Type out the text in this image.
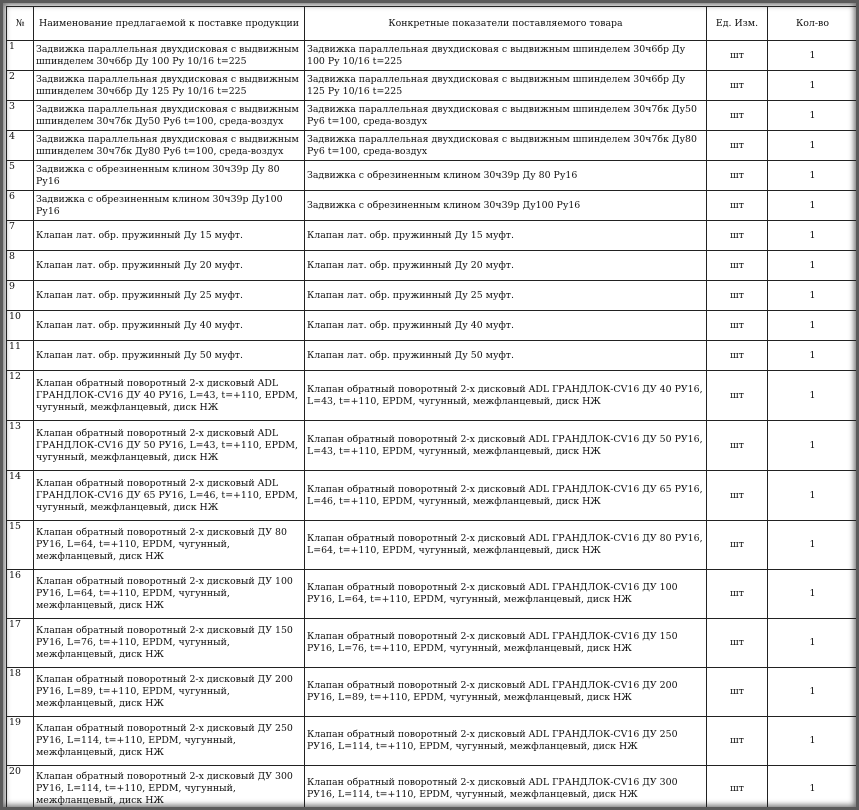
№	Наименование предлагаемой к поставке продукции	Конкретные показатели поставляемого товара	Ед. Изм.	Кол-во
1	Задвижка параллельная двухдисковая с выдвижным шпинделем 30ч6бр Ду 100 Ру 10/16 t=225	Задвижка параллельная двухдисковая с выдвижным шпинделем 30ч6бр Ду 100 Ру 10/16 t=225	шт	1
2	Задвижка параллельная двухдисковая с выдвижным шпинделем 30ч6бр Ду 125 Ру 10/16 t=225	Задвижка параллельная двухдисковая с выдвижным шпинделем 30ч6бр Ду 125 Ру 10/16 t=225	шт	1
3	Задвижка параллельная двухдисковая с выдвижным шпинделем 30ч7бк Ду50 Ру6 t=100, среда-воздух	Задвижка параллельная двухдисковая с выдвижным шпинделем 30ч7бк Ду50 Ру6 t=100, среда-воздух	шт	1
4	Задвижка параллельная двухдисковая с выдвижным шпинделем 30ч7бк Ду80 Ру6 t=100, среда-воздух	Задвижка параллельная двухдисковая с выдвижным шпинделем 30ч7бк Ду80 Ру6 t=100, среда-воздух	шт	1
5	Задвижка с обрезиненным клином 30ч39р Ду 80 Ру16	Задвижка с обрезиненным клином 30ч39р Ду 80 Ру16	шт	1
6	Задвижка с обрезиненным клином 30ч39р Ду100 Ру16	Задвижка с обрезиненным клином 30ч39р Ду100 Ру16	шт	1
7	Клапан лат. обр. пружинный Ду 15 муфт.	Клапан лат. обр. пружинный Ду 15 муфт.	шт	1
8	Клапан лат. обр. пружинный Ду 20 муфт.	Клапан лат. обр. пружинный Ду 20 муфт.	шт	1
9	Клапан лат. обр. пружинный Ду 25 муфт.	Клапан лат. обр. пружинный Ду 25 муфт.	шт	1
10	Клапан лат. обр. пружинный Ду 40 муфт.	Клапан лат. обр. пружинный Ду 40 муфт.	шт	1
11	Клапан лат. обр. пружинный Ду 50 муфт.	Клапан лат. обр. пружинный Ду 50 муфт.	шт	1
12	Клапан обратный поворотный 2-х дисковый ADL ГРАНДЛОК-CV16 ДУ 40 РУ16, L=43, t=+110, EPDM, чугунный, межфланцевый, диск НЖ	Клапан обратный поворотный 2-х дисковый ADL ГРАНДЛОК-CV16 ДУ 40 РУ16, L=43, t=+110, EPDM, чугунный, межфланцевый, диск НЖ	шт	1
13	Клапан обратный поворотный 2-х дисковый ADL ГРАНДЛОК-CV16 ДУ 50 РУ16, L=43, t=+110, EPDM, чугунный, межфланцевый, диск НЖ	Клапан обратный поворотный 2-х дисковый ADL ГРАНДЛОК-CV16 ДУ 50 РУ16, L=43, t=+110, EPDM, чугунный, межфланцевый, диск НЖ	шт	1
14	Клапан обратный поворотный 2-х дисковый ADL ГРАНДЛОК-CV16 ДУ 65 РУ16, L=46, t=+110, EPDM, чугунный, межфланцевый, диск НЖ	Клапан обратный поворотный 2-х дисковый ADL ГРАНДЛОК-CV16 ДУ 65 РУ16, L=46, t=+110, EPDM, чугунный, межфланцевый, диск НЖ	шт	1
15	Клапан обратный поворотный 2-х дисковый ДУ 80 РУ16, L=64, t=+110, EPDM, чугунный, межфланцевый, диск НЖ	Клапан обратный поворотный 2-х дисковый ADL ГРАНДЛОК-CV16 ДУ 80 РУ16, L=64, t=+110, EPDM, чугунный, межфланцевый, диск НЖ	шт	1
16	Клапан обратный поворотный 2-х дисковый ДУ 100 РУ16, L=64, t=+110, EPDM, чугунный, межфланцевый, диск НЖ	Клапан обратный поворотный 2-х дисковый ADL ГРАНДЛОК-CV16 ДУ 100 РУ16, L=64, t=+110, EPDM, чугунный, межфланцевый, диск НЖ	шт	1
17	Клапан обратный поворотный 2-х дисковый ДУ 150 РУ16, L=76, t=+110, EPDM, чугунный, межфланцевый, диск НЖ	Клапан обратный поворотный 2-х дисковый ADL ГРАНДЛОК-CV16 ДУ 150 РУ16, L=76, t=+110, EPDM, чугунный, межфланцевый, диск НЖ	шт	1
18	Клапан обратный поворотный 2-х дисковый ДУ 200 РУ16, L=89, t=+110, EPDM, чугунный, межфланцевый, диск НЖ	Клапан обратный поворотный 2-х дисковый ADL ГРАНДЛОК-CV16 ДУ 200 РУ16, L=89, t=+110, EPDM, чугунный, межфланцевый, диск НЖ	шт	1
19	Клапан обратный поворотный 2-х дисковый ДУ 250 РУ16, L=114, t=+110, EPDM, чугунный, межфланцевый, диск НЖ	Клапан обратный поворотный 2-х дисковый ADL ГРАНДЛОК-CV16 ДУ 250 РУ16, L=114, t=+110, EPDM, чугунный, межфланцевый, диск НЖ	шт	1
20	Клапан обратный поворотный 2-х дисковый ДУ 300 РУ16, L=114, t=+110, EPDM, чугунный, межфланцевый, диск НЖ	Клапан обратный поворотный 2-х дисковый ADL ГРАНДЛОК-CV16 ДУ 300 РУ16, L=114, t=+110, EPDM, чугунный, межфланцевый, диск НЖ	шт	1
